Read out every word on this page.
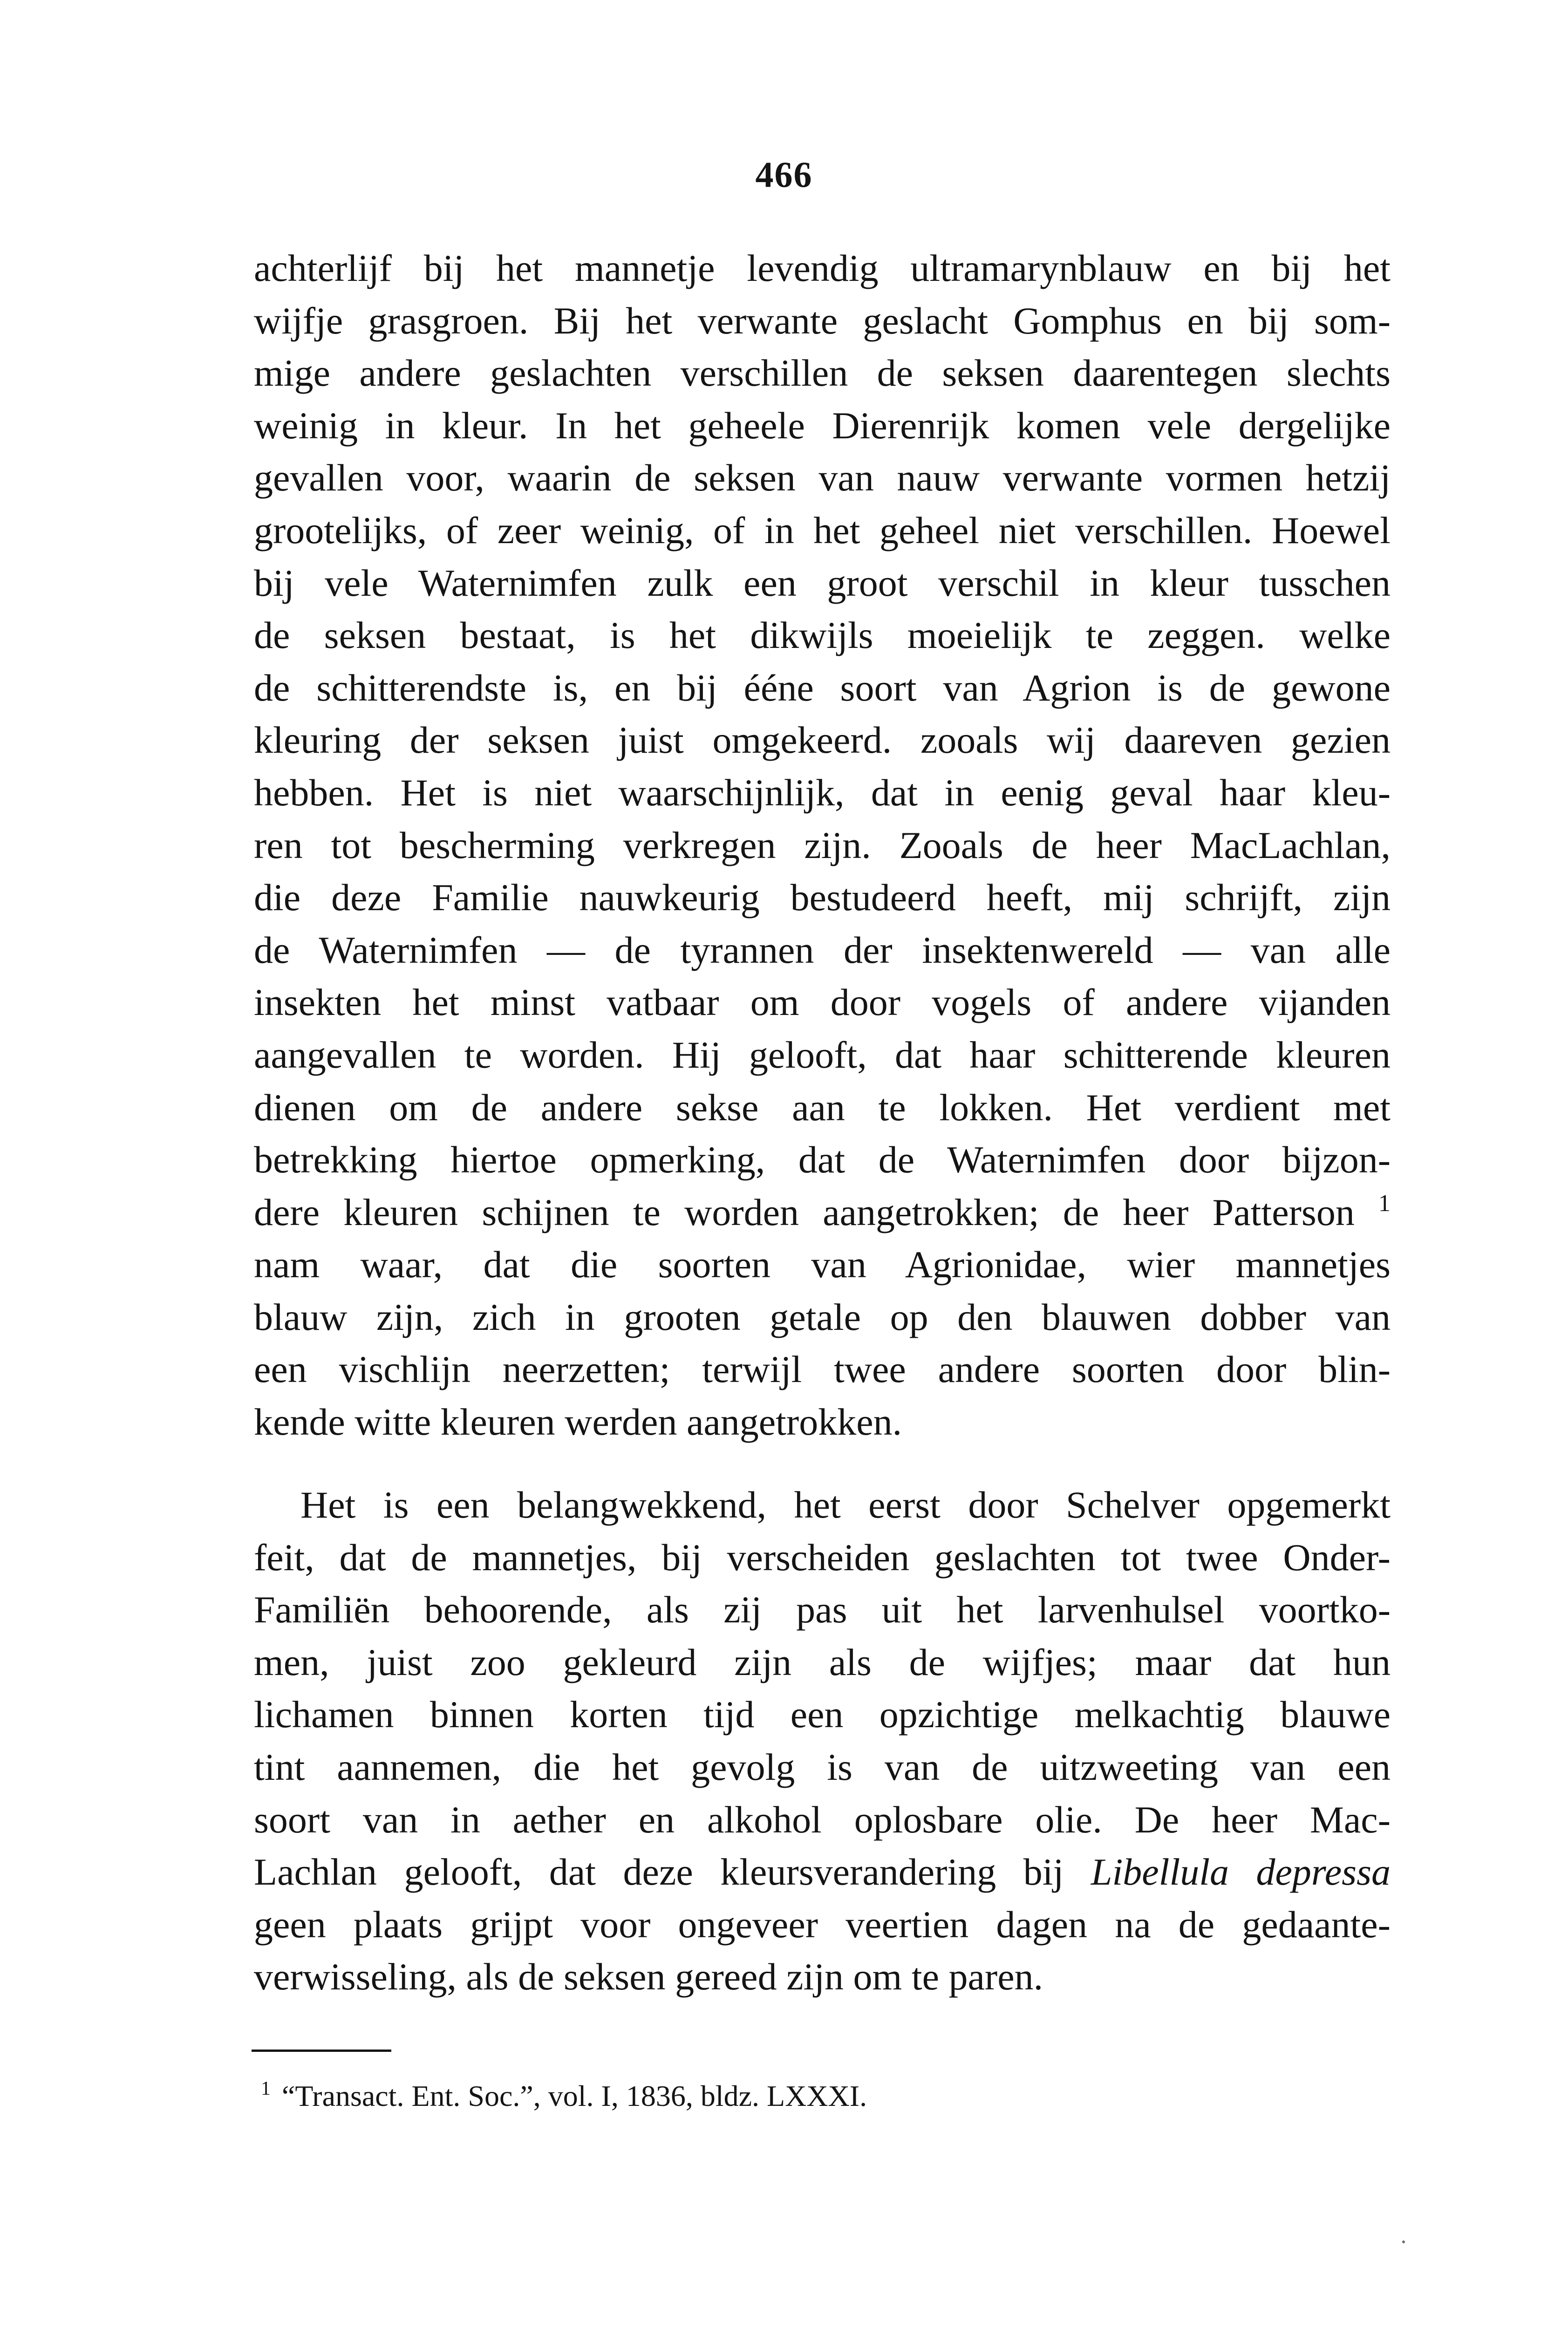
466
achterlijf bij het mannetje levendig ultramarynblauw en bij het
wijfje grasgroen. Bij het verwante geslacht Gomphus en bij som-
mige andere geslachten verschillen de seksen daarentegen slechts
weinig in kleur. In het geheele Dierenrijk komen vele dergelijke
gevallen voor, waarin de seksen van nauw verwante vormen hetzij
grootelijks, of zeer weinig, of in het geheel niet verschillen. Hoewel
bij vele Waternimfen zulk een groot verschil in kleur tusschen
de seksen bestaat, is het dikwijls moeielijk te zeggen. welke
de schitterendste is, en bij ééne soort van Agrion is de gewone
kleuring der seksen juist omgekeerd. zooals wij daareven gezien
hebben. Het is niet waarschijnlijk, dat in eenig geval haar kleu-
ren tot bescherming verkregen zijn. Zooals de heer MacLachlan,
die deze Familie nauwkeurig bestudeerd heeft, mij schrijft, zijn
de Waternimfen — de tyrannen der insektenwereld — van alle
insekten het minst vatbaar om door vogels of andere vijanden
aangevallen te worden. Hij gelooft, dat haar schitterende kleuren
dienen om de andere sekse aan te lokken. Het verdient met
betrekking hiertoe opmerking, dat de Waternimfen door bijzon-
dere kleuren schijnen te worden aangetrokken; de heer Patterson $^1$
nam waar, dat die soorten van Agrionidae, wier mannetjes
blauw zijn, zich in grooten getale op den blauwen dobber van
een vischlijn neerzetten; terwijl twee andere soorten door blin-
kende witte kleuren werden aangetrokken.
Het is een belangwekkend, het eerst door Schelver opgemerkt
feit, dat de mannetjes, bij verscheiden geslachten tot twee Onder-
Familiën behoorende, als zij pas uit het larvenhulsel voortko-
men, juist zoo gekleurd zijn als de wijfjes; maar dat hun
lichamen binnen korten tijd een opzichtige melkachtig blauwe
tint aannemen, die het gevolg is van de uitzweeting van een
soort van in aether en alkohol oplosbare olie. De heer Mac-
Lachlan gelooft, dat deze kleursverandering bij Libellula depressa
geen plaats grijpt voor ongeveer veertien dagen na de gedaante-
verwisseling, als de seksen gereed zijn om te paren.
$^1$ “Transact. Ent. Soc.”, vol. I, 1836, bldz. LXXXI.
